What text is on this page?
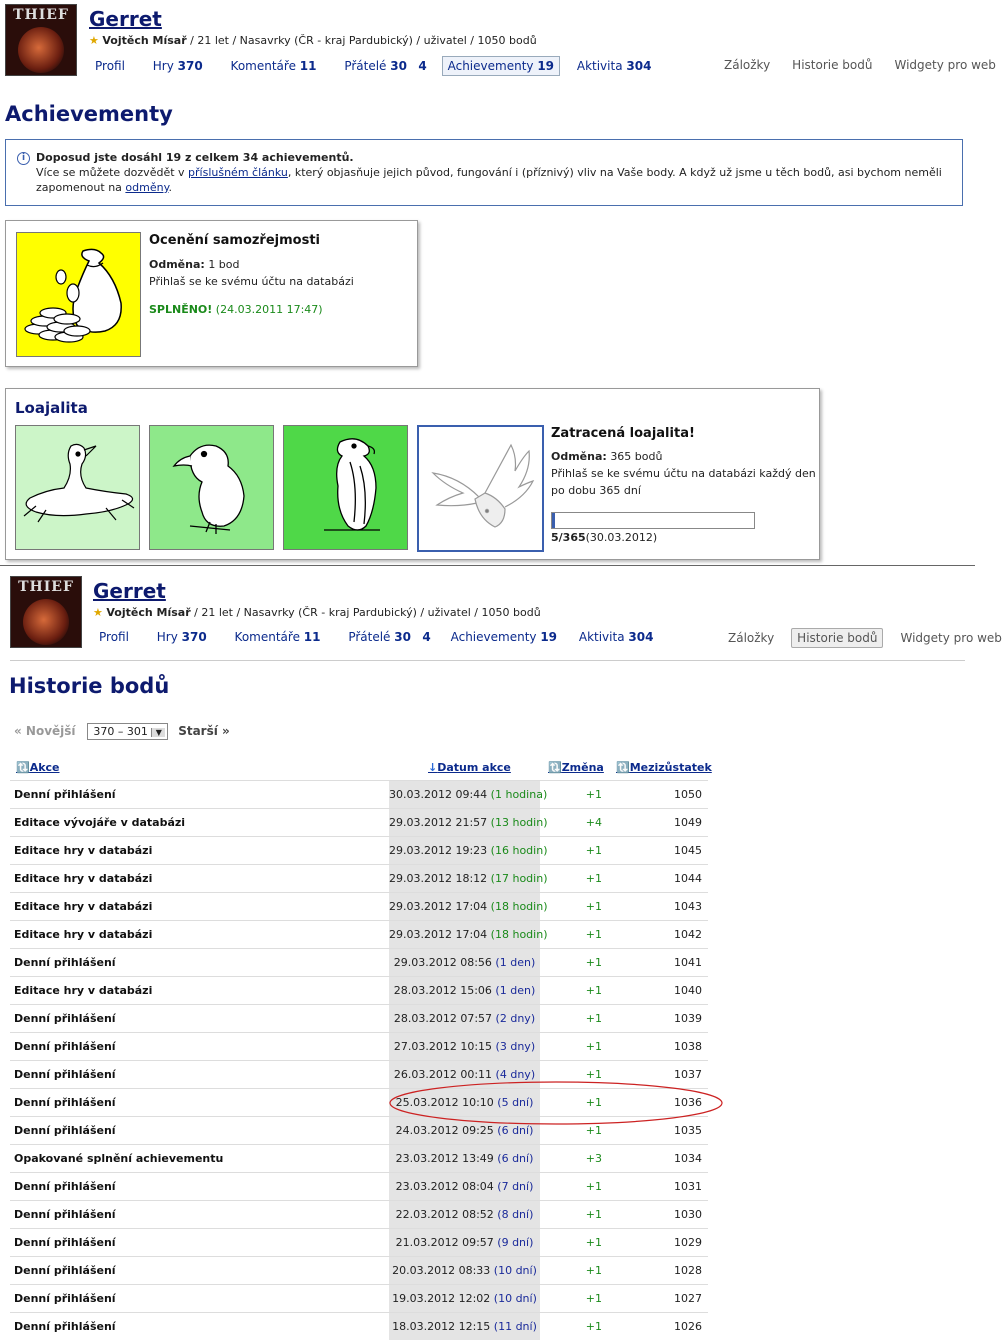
THIEF	Gerret
★ Vojtěch Mísař / 21 let / Nasavrky (ČR - kraj Pardubický) / uživatel / 1050 bodů
Profil Hry 370 Komentáře 11 Přátelé 30 4 Achievementy 19 Aktivita 304	Záložky Historie bodů Widgety pro web
Achievementy
i Doposud jste dosáhl 19 z celkem 34 achievementů.
Více se můžete dozvědět v příslušném článku, který objasňuje jejich původ, fungování i (příznivý) vliv na Vaše body. A když už jsme u těch bodů, asi bychom neměli
zapomenout na odměny.
Ocenění samozřejmosti
Odměna: 1 bod
Přihlaš se ke svému účtu na databázi
SPLNĚNO! (24.03.2011 17:47)
Loajalita
Zatracená loajalita!
Odměna: 365 bodů
Přihlaš se ke svému účtu na databázi každý den
po dobu 365 dní
5/365(30.03.2012)
THIEF Gerret
★ Vojtěch Mísař / 21 let / Nasavrky (ČR - kraj Pardubický) / uživatel / 1050 bodů
Profil Hry 370 Komentáře 11 Přátelé 30 4 Achievementy 19 Aktivita 304	Záložky Historie bodů Widgety pro web
Historie bodů
« Novější 370 – 301 ▼ Starší »
🔃Akce	↓Datum akce	🔃Změna 🔃Mezizůstatek
Denní přihlášení	30.03.2012 09:44 (1 hodina)	+1	1050
Editace vývojáře v databázi	29.03.2012 21:57 (13 hodin)	+4	1049
Editace hry v databázi	29.03.2012 19:23 (16 hodin)	+1	1045
Editace hry v databázi	29.03.2012 18:12 (17 hodin)	+1	1044
Editace hry v databázi	29.03.2012 17:04 (18 hodin)	+1	1043
Editace hry v databázi	29.03.2012 17:04 (18 hodin)	+1	1042
Denní přihlášení	29.03.2012 08:56 (1 den)	+1	1041
Editace hry v databázi	28.03.2012 15:06 (1 den)	+1	1040
Denní přihlášení	28.03.2012 07:57 (2 dny)	+1	1039
Denní přihlášení	27.03.2012 10:15 (3 dny)	+1	1038
Denní přihlášení	26.03.2012 00:11 (4 dny)	+1	1037
Denní přihlášení	25.03.2012 10:10 (5 dní)	+1	1036
Denní přihlášení	24.03.2012 09:25 (6 dní)	+1	1035
Opakované splnění achievementu	23.03.2012 13:49 (6 dní)	+3	1034
Denní přihlášení	23.03.2012 08:04 (7 dní)	+1	1031
Denní přihlášení	22.03.2012 08:52 (8 dní)	+1	1030
Denní přihlášení	21.03.2012 09:57 (9 dní)	+1	1029
Denní přihlášení	20.03.2012 08:33 (10 dní)	+1	1028
Denní přihlášení	19.03.2012 12:02 (10 dní)	+1	1027
Denní přihlášení	18.03.2012 12:15 (11 dní)	+1	1026
